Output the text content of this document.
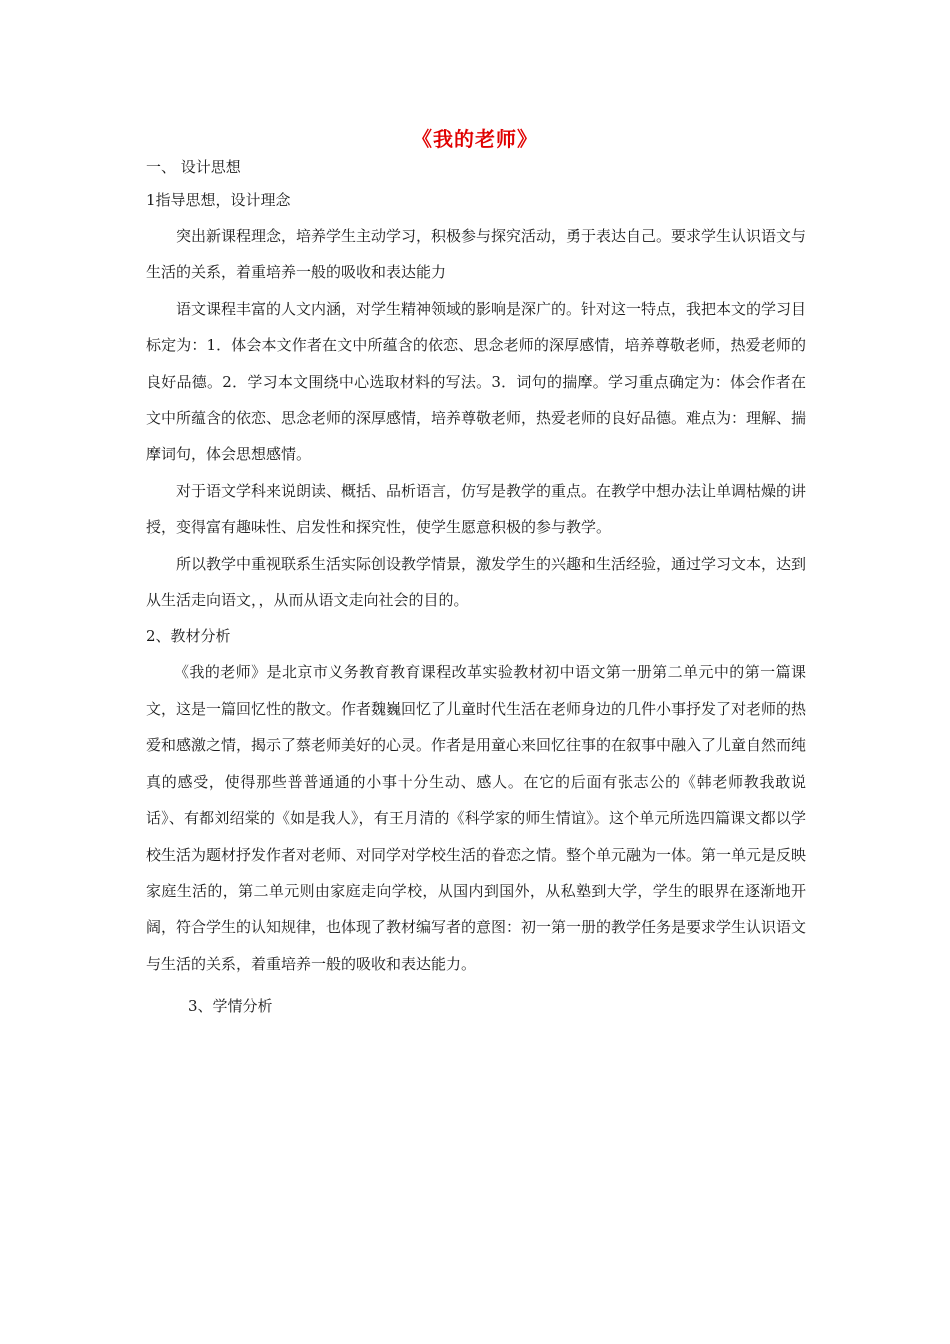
《我的老师》
一、 设计思想
1指导思想，设计理念

突出新课程理念，培养学生主动学习，积极参与探究活动，勇于表达自己。要求学生认识语文与生活的关系，着重培养一般的吸收和表达能力

语文课程丰富的人文内涵，对学生精神领域的影响是深广的。针对这一特点，我把本文的学习目标定为：1．体会本文作者在文中所蕴含的依恋、思念老师的深厚感情，培养尊敬老师，热爱老师的良好品德。2．学习本文围绕中心选取材料的写法。3．词句的揣摩。学习重点确定为：体会作者在文中所蕴含的依恋、思念老师的深厚感情，培养尊敬老师，热爱老师的良好品德。难点为：理解、揣摩词句，体会思想感情。

对于语文学科来说朗读、概括、品析语言，仿写是教学的重点。在教学中想办法让单调枯燥的讲授，变得富有趣味性、启发性和探究性，使学生愿意积极的参与教学。

所以教学中重视联系生活实际创设教学情景，激发学生的兴趣和生活经验，通过学习文本，达到从生活走向语文，，从而从语文走向社会的目的。

2、教材分析

《我的老师》是北京市义务教育教育课程改革实验教材初中语文第一册第二单元中的第一篇课文，这是一篇回忆性的散文。作者魏巍回忆了儿童时代生活在老师身边的几件小事抒发了对老师的热爱和感激之情，揭示了蔡老师美好的心灵。作者是用童心来回忆往事的在叙事中融入了儿童自然而纯真的感受，使得那些普普通通的小事十分生动、感人。在它的后面有张志公的《韩老师教我敢说话》、有都刘绍棠的《如是我人》，有王月清的《科学家的师生情谊》。这个单元所选四篇课文都以学校生活为题材抒发作者对老师、对同学对学校生活的眷恋之情。整个单元融为一体。第一单元是反映家庭生活的，第二单元则由家庭走向学校，从国内到国外，从私塾到大学，学生的眼界在逐渐地开阔，符合学生的认知规律，也体现了教材编写者的意图：初一第一册的教学任务是要求学生认识语文与生活的关系，着重培养一般的吸收和表达能力。

3、学情分析
